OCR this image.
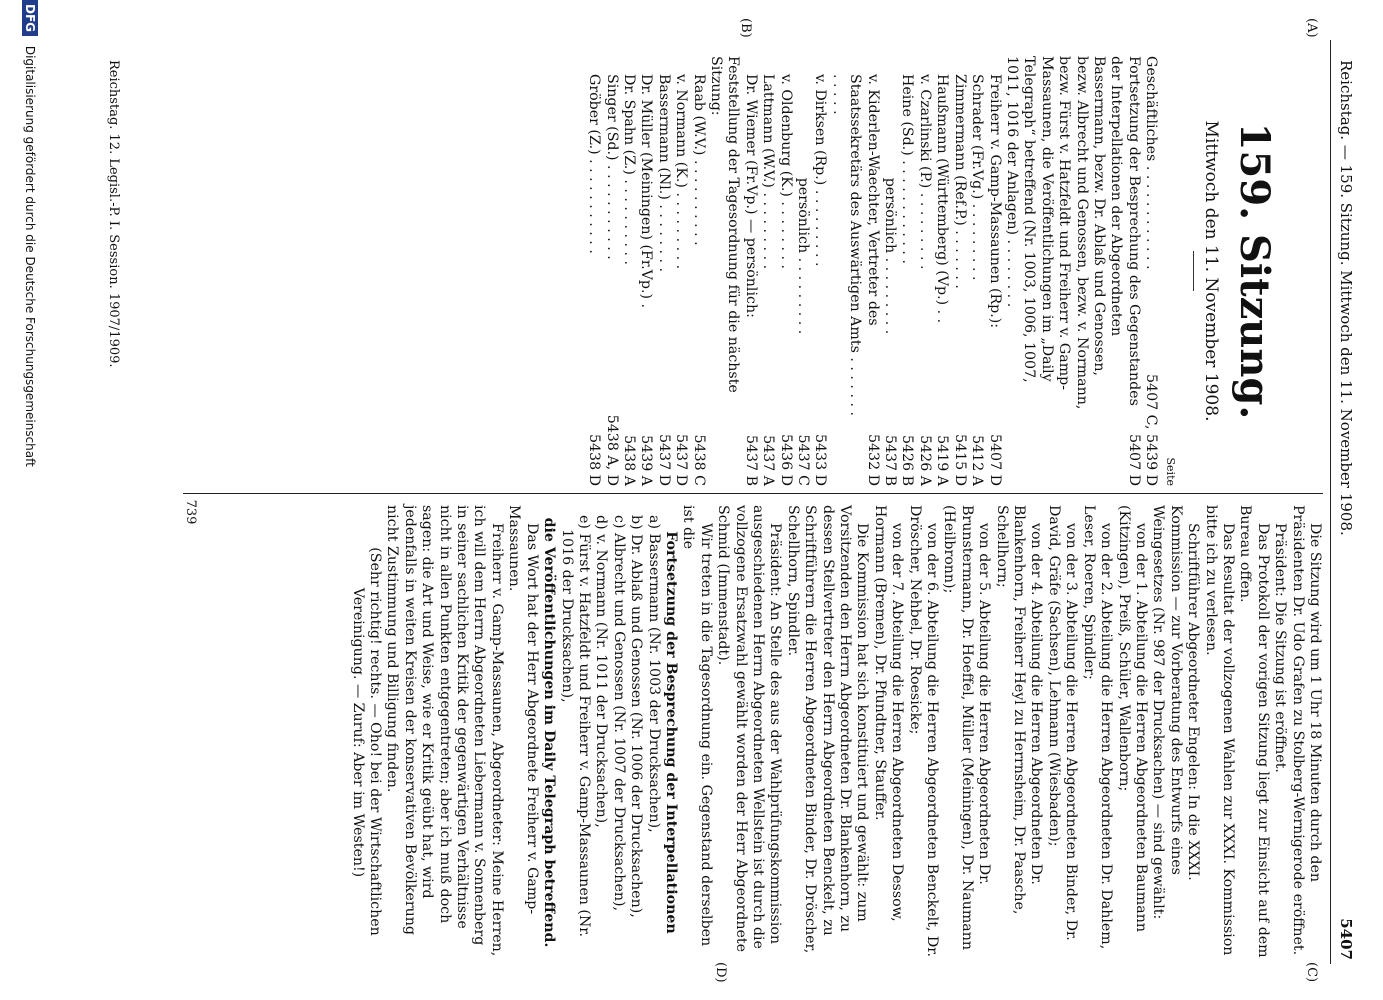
Reichstag. — 159. Sitzung. Mittwoch den 11. November 1908.
5407
(A)
(B)
(C)
(D)
159. Sitzung.
Mittwoch den 11. November 1908.
Seite
Geschäftliches . . . . . . . . . . . .
5407 C, 5439 D
Fortsetzung der Besprechung des Gegenstandes der Interpellationen der Abgeordneten Bassermann, bezw. Dr. Ablaß und Genossen, bezw. Albrecht und Genossen, bezw. v. Normann, bezw. Fürst v. Hatzfeldt und Freiherr v. Gamp-Massaunen, die Veröffentlichungen im „Daily Telegraph“ betreffend (Nr. 1003, 1006, 1007, 1011, 1016 der Anlagen) . . . . . . . .
5407 D
Freiherr v. Gamp-Massaunen (Rp.):
5407 D
Schrader (Fr.Vg.) . . . . . . . . .
5412 A
Zimmermann (Ref.P.) . . . . . . .
5415 D
Haußmann (Württemberg) (Vp.) . .
5419 A
v. Czarlinski (P.) . . . . . . . . .
5426 A
Heine (Sd.) . . . . . . . . . . . .
5426 B
persönlich . . . . . . . . .
5437 B
v. Kiderlen-Waechter, Vertreter des Staatssekretärs des Auswärtigen Amts . . . . . . . . . . . .
5432 D
v. Dirksen (Rp.) . . . . . . . . .
5433 D
persönlich . . . . . . . . .
5437 C
v. Oldenburg (K.) . . . . . . . .
5436 D
Lattmann (W.V.) . . . . . . . . .
5437 A
Dr. Wiemer (Fr.Vp.) — persönlich:
5437 B
Feststellung der Tagesordnung für die nächste Sitzung:
Raab (W.V.) . . . . . . . . . .
5438 C
v. Normann (K.) . . . . . . . . .
5437 D
Bassermann (Nl.) . . . . . . . .
5437 D
Dr. Müller (Meiningen) (Fr.Vp.) .
5439 A
Dr. Spahn (Z.) . . . . . . . . . .
5438 A
Singer (Sd.) . . . . . . . . . . .
5438 A, D
Gröber (Z.) . . . . . . . . . . .
5438 D

Die Sitzung wird um 1 Uhr 18 Minuten durch den Präsidenten Dr. Udo Grafen zu Stolberg-Wernigerode eröffnet.

Präsident: Die Sitzung ist eröffnet.

Das Protokoll der vorigen Sitzung liegt zur Einsicht auf dem Bureau offen.

Das Resultat der vollzogenen Wahlen zur XXXI. Kommission bitte ich zu verlesen.

Schriftführer Abgeordneter Engelen: In die XXXI. Kommission — zur Vorberatung des Entwurfs eines Weingesetzes (Nr. 987 der Drucksachen) — sind gewählt:

von der 1. Abteilung die Herren Abgeordneten Baumann (Kitzingen), Preiß, Schüler, Wallenborn;

von der 2. Abteilung die Herren Abgeordneten Dr. Dahlem, Leser, Roeren, Spindler;

von der 3. Abteilung die Herren Abgeordneten Binder, Dr. David, Gräfe (Sachsen), Lehmann (Wiesbaden);

von der 4. Abteilung die Herren Abgeordneten Dr. Blankenhorn, Freiherr Heyl zu Herrnsheim, Dr. Paasche, Schellhorn;

von der 5. Abteilung die Herren Abgeordneten Dr. Brunstermann, Dr. Hoeffel, Müller (Meiningen), Dr. Naumann (Heilbronn);

von der 6. Abteilung die Herren Abgeordneten Benckelt, Dr. Dröscher, Nehbel, Dr. Roesicke;

von der 7. Abteilung die Herren Abgeordneten Dessow, Hormann (Bremen), Dr. Pfundtner, Stauffer.

Die Kommission hat sich konstituiert und gewählt: zum Vorsitzenden den Herrn Abgeordneten Dr. Blankenhorn, zu dessen Stellvertreter den Herrn Abgeordneten Benckelt, zu Schriftführern die Herren Abgeordneten Binder, Dr. Dröscher, Schellhorn, Spindler.

Präsident: An Stelle des aus der Wahlprüfungskommission ausgeschiedenen Herrn Abgeordneten Wellstein ist durch die vollzogene Ersatzwahl gewählt worden der Herr Abgeordnete Schmid (Immenstadt).

Wir treten in die Tagesordnung ein. Gegenstand derselben ist die

Fortsetzung der Besprechung der Interpellationen

a) Bassermann (Nr. 1003 der Drucksachen),

b) Dr. Ablaß und Genossen (Nr. 1006 der Drucksachen),

c) Albrecht und Genossen (Nr. 1007 der Drucksachen),

d) v. Normann (Nr. 1011 der Drucksachen),

e) Fürst v. Hatzfeldt und Freiherr v. Gamp-Massaunen (Nr. 1016 der Drucksachen),

die Veröffentlichungen im Daily Telegraph betreffend.

Das Wort hat der Herr Abgeordnete Freiherr v. Gamp-Massaunen.

Freiherr v. Gamp-Massaunen, Abgeordneter: Meine Herren, ich will dem Herrn Abgeordneten Liebermann v. Sonnenberg in seiner sachlichen Kritik der gegenwärtigen Verhältnisse nicht in allen Punkten entgegentreten; aber ich muß doch sagen: die Art und Weise, wie er Kritik geübt hat, wird jedenfalls in weiten Kreisen der konservativen Bevölkerung nicht Zustimmung und Billigung finden.

(Sehr richtig! rechts. — Oho! bei der Wirtschaftlichen Vereinigung. — Zuruf: Aber im Westen!)

739
Reichstag. 12. Legisl.-P. I. Session. 1907/1909.
DFG Digitalisierung gefördert durch die Deutsche Forschungsgemeinschaft
